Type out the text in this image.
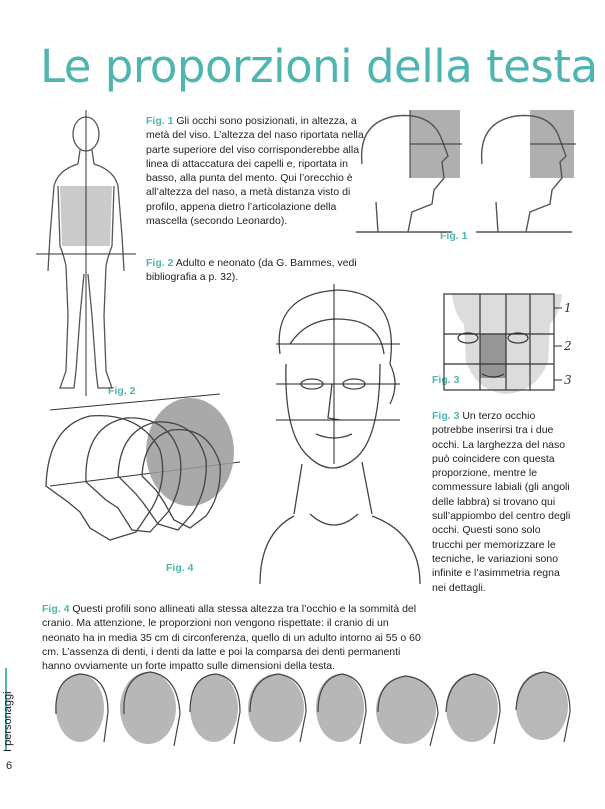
Le proporzioni della testa
Fig. 1 Gli occhi sono posizionati, in altezza, a metà del viso. L’altezza del naso riportata nella parte superiore del viso corrisponderebbe alla linea di attaccatura dei capelli e, riportata in basso, alla punta del mento. Qui l’orecchio è all’altezza del naso, a metà distanza visto di profilo, appena dietro l’articolazione della mascella (secondo Leonardo).
Fig. 2 Adulto e neonato (da G. Bammes, vedi bibliografia a p. 32).
Fig. 3 Un terzo occhio potrebbe inserirsi tra i due occhi. La larghezza del naso può coincidere con questa proporzione, mentre le commessure labiali (gli angoli delle labbra) si trovano qui sull’appiombo del centro degli occhi. Questi sono solo trucchi per memorizzare le tecniche, le variazioni sono infinite e l’asimmetria regna nei dettagli.
Fig. 4 Questi profili sono allineati alla stessa altezza tra l’occhio e la sommità del cranio. Ma attenzione, le proporzioni non vengono rispettate: il cranio di un neonato ha in media 35 cm di circonferenza, quello di un adulto intorno ai 55 o 60 cm. L’assenza di denti, i denti da latte e poi la comparsa dei denti permanenti hanno ovviamente un forte impatto sulle dimensioni della testa.
Fig. 1
Fig. 2
Fig. 3
Fig. 4
1
2
3
I personaggi
6
